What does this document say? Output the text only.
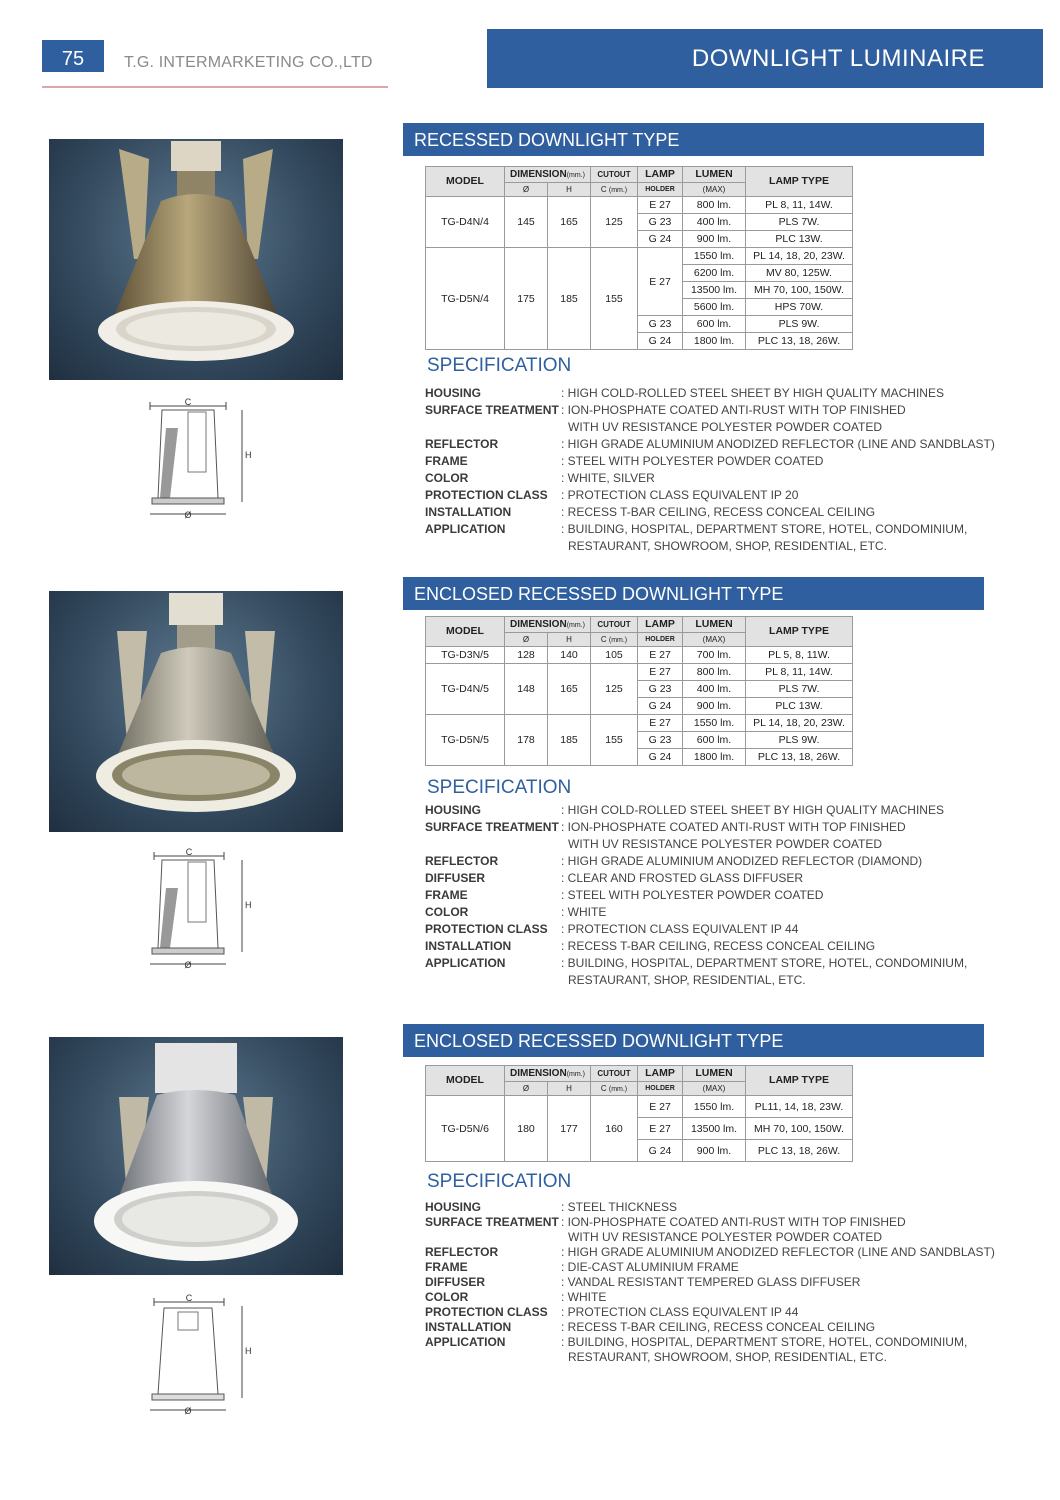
75	T.G. INTERMARKETING CO.,LTD	DOWNLIGHT LUMINAIRE
RECESSED DOWNLIGHT TYPE
C
H
Ø
MODEL	DIMENSION(mm.)		CUTOUT	LAMP	LUMEN	LAMP TYPE
	Ø	H	C (mm.)	HOLDER	(MAX)	
TG-D4N/4	145	165	125	E 27	800 lm.	PL 8, 11, 14W.
				G 23	400 lm.	PLS 7W.
				G 24	900 lm.	PLC 13W.
TG-D5N/4	175	185	155	E 27	1550 lm.	PL 14, 18, 20, 23W.
					6200 lm.	MV 80, 125W.
					13500 lm.	MH 70, 100, 150W.
					5600 lm.	HPS 70W.
				G 23	600 lm.	PLS 9W.
				G 24	1800 lm.	PLC 13, 18, 26W.
SPECIFICATION
HOUSING	: HIGH COLD-ROLLED STEEL SHEET BY HIGH QUALITY MACHINES
SURFACE TREATMENT : ION-PHOSPHATE COATED ANTI-RUST WITH TOP FINISHED
WITH UV RESISTANCE POLYESTER POWDER COATED
REFLECTOR	: HIGH GRADE ALUMINIUM ANODIZED REFLECTOR (LINE AND SANDBLAST)
FRAME	: STEEL WITH POLYESTER POWDER COATED
COLOR	: WHITE, SILVER
PROTECTION CLASS	: PROTECTION CLASS EQUIVALENT IP 20
INSTALLATION	: RECESS T-BAR CEILING, RECESS CONCEAL CEILING
APPLICATION	: BUILDING, HOSPITAL, DEPARTMENT STORE, HOTEL, CONDOMINIUM,
RESTAURANT, SHOWROOM, SHOP, RESIDENTIAL, ETC.
ENCLOSED RECESSED DOWNLIGHT TYPE
C
H
Ø
MODEL	DIMENSION(mm.)		CUTOUT	LAMP	LUMEN	LAMP TYPE
	Ø	H	C (mm.)	HOLDER	(MAX)	
TG-D3N/5	128	140	105	E 27	700 lm.	PL 5, 8, 11W.
TG-D4N/5	148	165	125	E 27	800 lm.	PL 8, 11, 14W.
				G 23	400 lm.	PLS 7W.
				G 24	900 lm.	PLC 13W.
TG-D5N/5	178	185	155	E 27	1550 lm.	PL 14, 18, 20, 23W.
				G 23	600 lm.	PLS 9W.
				G 24	1800 lm.	PLC 13, 18, 26W.
SPECIFICATION
HOUSING	: HIGH COLD-ROLLED STEEL SHEET BY HIGH QUALITY MACHINES
SURFACE TREATMENT : ION-PHOSPHATE COATED ANTI-RUST WITH TOP FINISHED
WITH UV RESISTANCE POLYESTER POWDER COATED
REFLECTOR	: HIGH GRADE ALUMINIUM ANODIZED REFLECTOR (DIAMOND)
DIFFUSER	: CLEAR AND FROSTED GLASS DIFFUSER
FRAME	: STEEL WITH POLYESTER POWDER COATED
COLOR	: WHITE
PROTECTION CLASS	: PROTECTION CLASS EQUIVALENT IP 44
INSTALLATION	: RECESS T-BAR CEILING, RECESS CONCEAL CEILING
APPLICATION	: BUILDING, HOSPITAL, DEPARTMENT STORE, HOTEL, CONDOMINIUM,
RESTAURANT, SHOP, RESIDENTIAL, ETC.
ENCLOSED RECESSED DOWNLIGHT TYPE
C
H
Ø
MODEL	DIMENSION(mm.)		CUTOUT	LAMP	LUMEN	LAMP TYPE
	Ø	H	C (mm.)	HOLDER	(MAX)	
TG-D5N/6	180	177	160	E 27	1550 lm.	PL11, 14, 18, 23W.
				E 27	13500 lm.	MH 70, 100, 150W.
				G 24	900 lm.	PLC 13, 18, 26W.
SPECIFICATION
HOUSING	: STEEL THICKNESS
SURFACE TREATMENT : ION-PHOSPHATE COATED ANTI-RUST WITH TOP FINISHED
WITH UV RESISTANCE POLYESTER POWDER COATED
REFLECTOR	: HIGH GRADE ALUMINIUM ANODIZED REFLECTOR (LINE AND SANDBLAST)
FRAME	: DIE-CAST ALUMINIUM FRAME
DIFFUSER	: VANDAL RESISTANT TEMPERED GLASS DIFFUSER
COLOR	: WHITE
PROTECTION CLASS	: PROTECTION CLASS EQUIVALENT IP 44
INSTALLATION	: RECESS T-BAR CEILING, RECESS CONCEAL CEILING
APPLICATION	: BUILDING, HOSPITAL, DEPARTMENT STORE, HOTEL, CONDOMINIUM,
RESTAURANT, SHOWROOM, SHOP, RESIDENTIAL, ETC.
